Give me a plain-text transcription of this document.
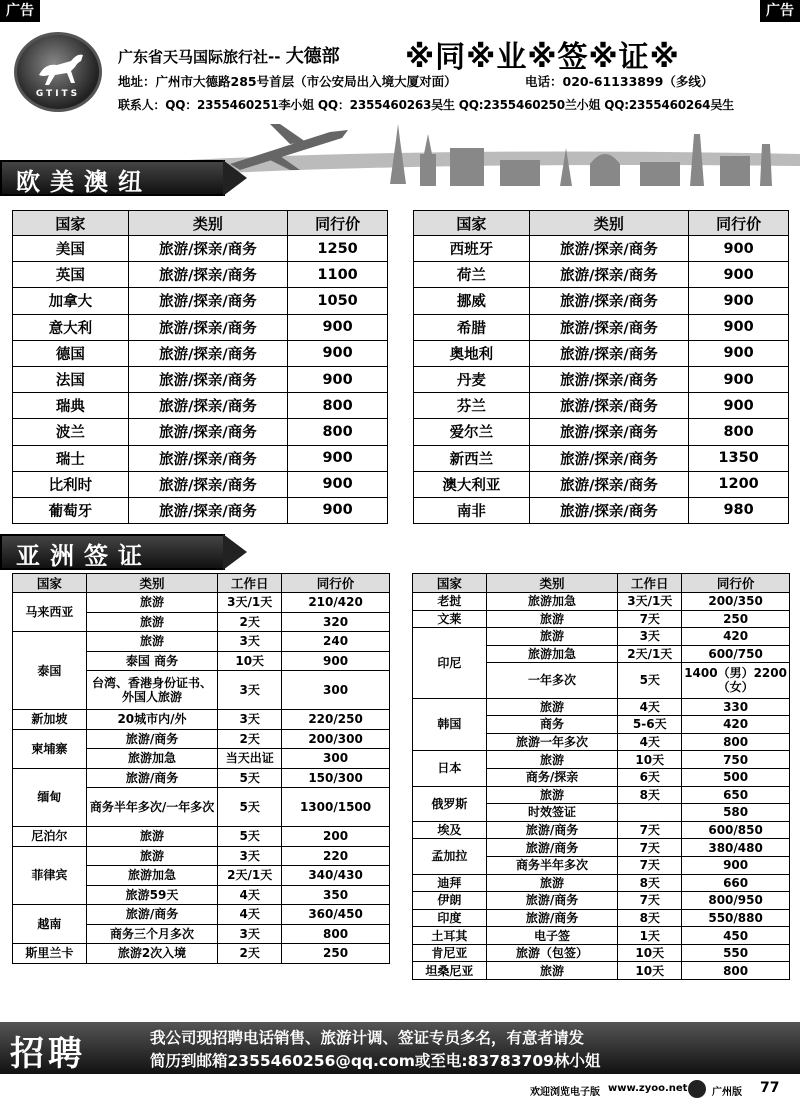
广告	广告
GTITS
广东省天马国际旅行社-- 大德部 ※同※业※签※证※
地址：广州市大德路285号首层（市公安局出入境大厦对面）	电话：020-61133899（多线）
联系人：QQ：2355460251李小姐 QQ：2355460263吴生 QQ:2355460250兰小姐 QQ:2355460264吴生
欧美澳纽
国家	类别	同行价
美国	旅游/探亲/商务	1250
英国	旅游/探亲/商务	1100
加拿大	旅游/探亲/商务	1050
意大利	旅游/探亲/商务	900
德国	旅游/探亲/商务	900
法国	旅游/探亲/商务	900
瑞典	旅游/探亲/商务	800
波兰	旅游/探亲/商务	800
瑞士	旅游/探亲/商务	900
比利时	旅游/探亲/商务	900
葡萄牙	旅游/探亲/商务	900
国家	类别	同行价
西班牙	旅游/探亲/商务	900
荷兰	旅游/探亲/商务	900
挪威	旅游/探亲/商务	900
希腊	旅游/探亲/商务	900
奥地利	旅游/探亲/商务	900
丹麦	旅游/探亲/商务	900
芬兰	旅游/探亲/商务	900
爱尔兰	旅游/探亲/商务	800
新西兰	旅游/探亲/商务	1350
澳大利亚	旅游/探亲/商务	1200
南非	旅游/探亲/商务	980
亚洲签证
国家	类别	工作日	同行价
马来西亚	旅游	3天/1天	210/420
	旅游	2天	320
泰国	旅游	3天	240
	泰国 商务	10天	900
	台湾、香港身份证书、外国人旅游	3天	300
新加坡	20城市内/外	3天	220/250
柬埔寨	旅游/商务	2天	200/300
	旅游加急	当天出证	300
缅甸	旅游/商务	5天	150/300
	商务半年多次/一年多次	5天	1300/1500
尼泊尔	旅游	5天	200
菲律宾	旅游	3天	220
	旅游加急	2天/1天	340/430
	旅游59天	4天	350
越南	旅游/商务	4天	360/450
	商务三个月多次	3天	800
斯里兰卡	旅游2次入境	2天	250
国家	类别	工作日	同行价
老挝	旅游加急	3天/1天	200/350
文莱	旅游	7天	250
印尼	旅游	3天	420
	旅游加急	2天/1天	600/750
	一年多次	5天	1400（男）2200（女）
韩国	旅游	4天	330
	商务	5-6天	420
	旅游一年多次	4天	800
日本	旅游	10天	750
	商务/探亲	6天	500
俄罗斯	旅游	8天	650
	时效签证		580
埃及	旅游/商务	7天	600/850
孟加拉	旅游/商务	7天	380/480
	商务半年多次	7天	900
迪拜	旅游	8天	660
伊朗	旅游/商务	7天	800/950
印度	旅游/商务	8天	550/880
土耳其	电子签	1天	450
肯尼亚	旅游（包签）	10天	550
坦桑尼亚	旅游	10天	800
招聘	我公司现招聘电话销售、旅游计调、签证专员多名，有意者请发
简历到邮箱2355460256@qq.com或至电:83783709林小姐
欢迎浏览电子版 www.zyoo.net 广州版 77
